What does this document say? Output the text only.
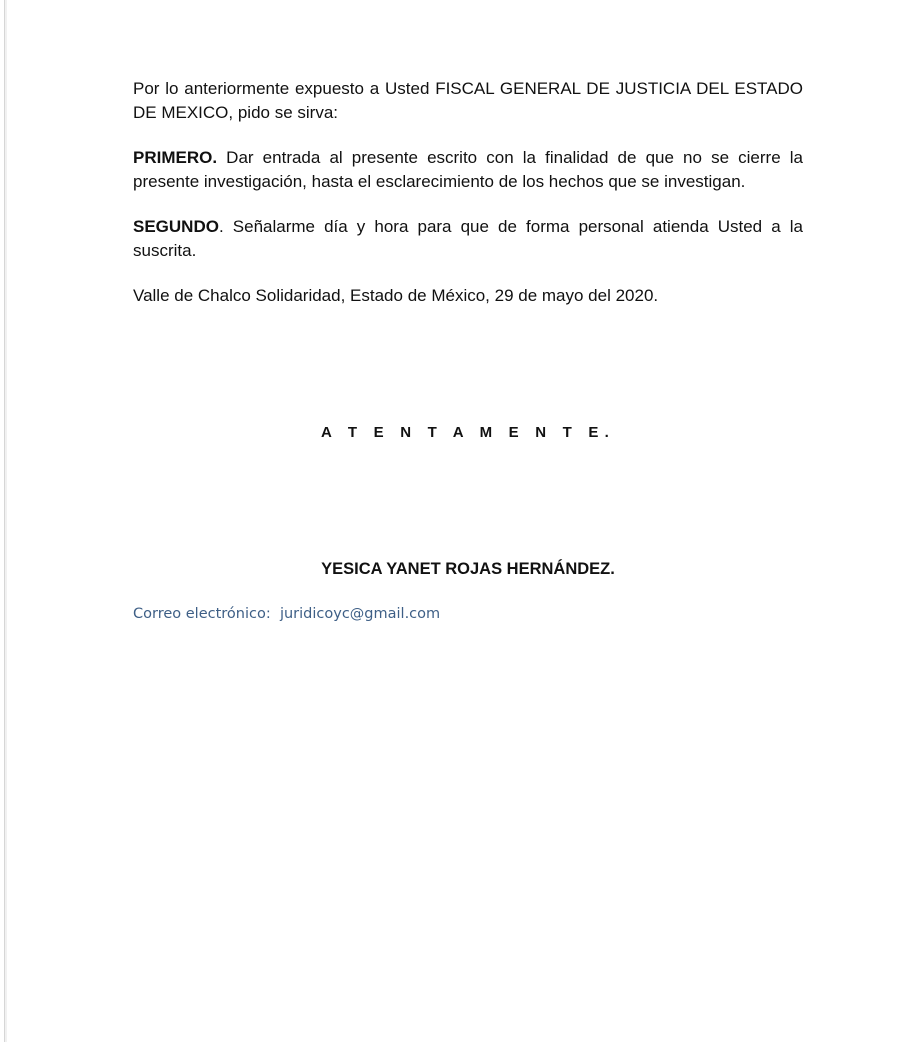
Por lo anteriormente expuesto a Usted FISCAL GENERAL DE JUSTICIA DEL ESTADO DE MEXICO, pido se sirva:

PRIMERO. Dar entrada al presente escrito con la finalidad de que no se cierre la presente investigación, hasta el esclarecimiento de los hechos que se investigan.

SEGUNDO. Señalarme día y hora para que de forma personal atienda Usted a la suscrita.

Valle de Chalco Solidaridad, Estado de México, 29 de mayo del 2020.

A T E N T A M E N T E.
YESICA YANET ROJAS HERNÁNDEZ.
Correo electrónico: juridicoyc@gmail.com
